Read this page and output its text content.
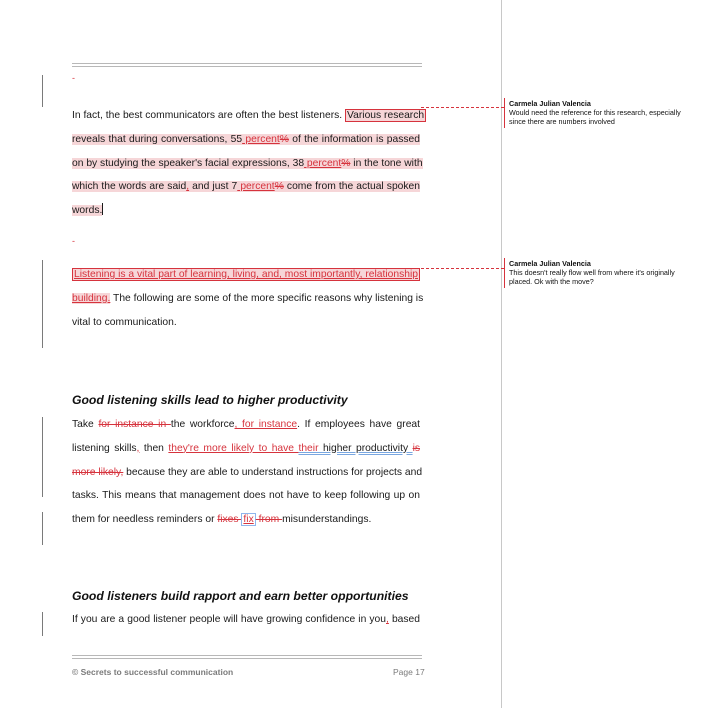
-
In fact, the best communicators are often the best listeners. Various research
reveals that during conversations, 55 percent% of the information is passed
on by studying the speaker's facial expressions, 38 percent% in the tone with
which the words are said, and just 7 percent% come from the actual spoken
words.
-
Listening is a vital part of learning, living, and, most importantly, relationship
building. The following are some of the more specific reasons why listening is
vital to communication.
Good listening skills lead to higher productivity
Take for instance in the workforce, for instance. If employees have great
listening skills, then they're more likely to have their higher productivity is
more likely, because they are able to understand instructions for projects and
tasks. This means that management does not have to keep following up on
them for needless reminders or fixes fix from misunderstandings.
Good listeners build rapport and earn better opportunities
If you are a good listener people will have growing confidence in you, based
© Secrets to successful communication	Page 17
Carmela Julian Valencia
Would need the reference for this research, especially since there are numbers involved
Carmela Julian Valencia
This doesn't really flow well from where it's originally placed. Ok with the move?
